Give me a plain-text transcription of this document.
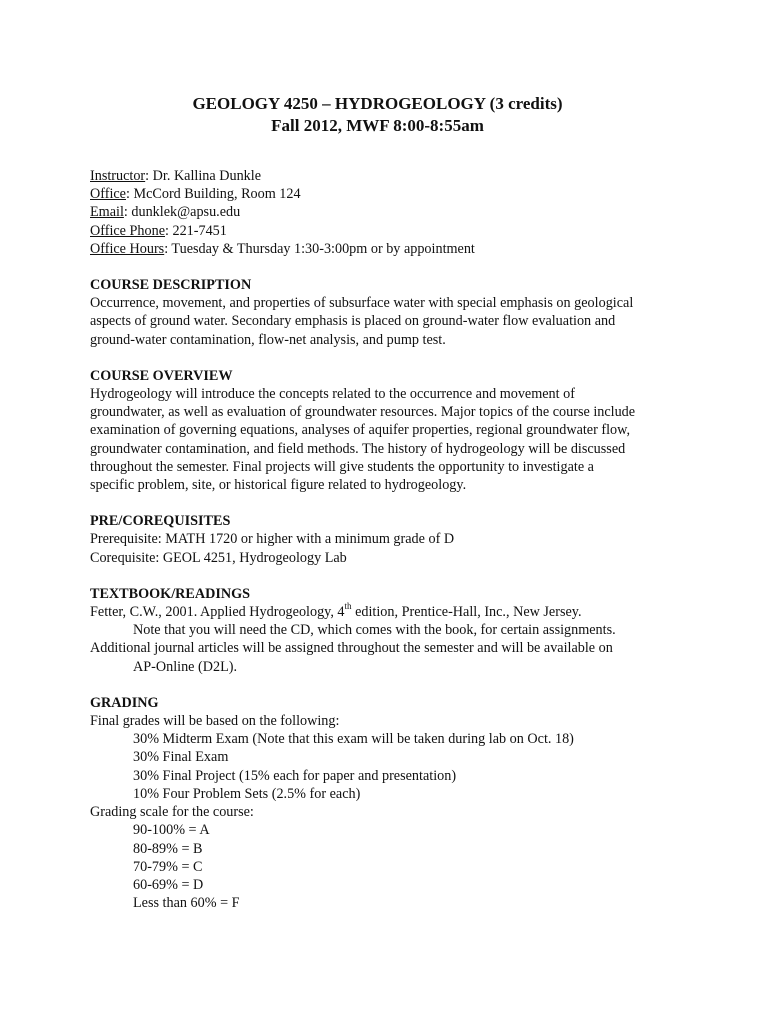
GEOLOGY 4250 – HYDROGEOLOGY (3 credits)

Fall 2012, MWF 8:00-8:55am

Instructor: Dr. Kallina Dunkle

Office: McCord Building, Room 124

Email: dunklek@apsu.edu

Office Phone: 221-7451

Office Hours: Tuesday & Thursday 1:30-3:00pm or by appointment

COURSE DESCRIPTION

Occurrence, movement, and properties of subsurface water with special emphasis on geological

aspects of ground water. Secondary emphasis is placed on ground-water flow evaluation and

ground-water contamination, flow-net analysis, and pump test.

COURSE OVERVIEW

Hydrogeology will introduce the concepts related to the occurrence and movement of

groundwater, as well as evaluation of groundwater resources. Major topics of the course include

examination of governing equations, analyses of aquifer properties, regional groundwater flow,

groundwater contamination, and field methods. The history of hydrogeology will be discussed

throughout the semester. Final projects will give students the opportunity to investigate a

specific problem, site, or historical figure related to hydrogeology.

PRE/COREQUISITES

Prerequisite: MATH 1720 or higher with a minimum grade of D

Corequisite: GEOL 4251, Hydrogeology Lab

TEXTBOOK/READINGS

Fetter, C.W., 2001. Applied Hydrogeology, 4th edition, Prentice-Hall, Inc., New Jersey.

Note that you will need the CD, which comes with the book, for certain assignments.

Additional journal articles will be assigned throughout the semester and will be available on

AP-Online (D2L).

GRADING

Final grades will be based on the following:

30% Midterm Exam (Note that this exam will be taken during lab on Oct. 18)

30% Final Exam

30% Final Project (15% each for paper and presentation)

10% Four Problem Sets (2.5% for each)

Grading scale for the course:

90-100% = A

80-89% = B

70-79% = C

60-69% = D

Less than 60% = F
